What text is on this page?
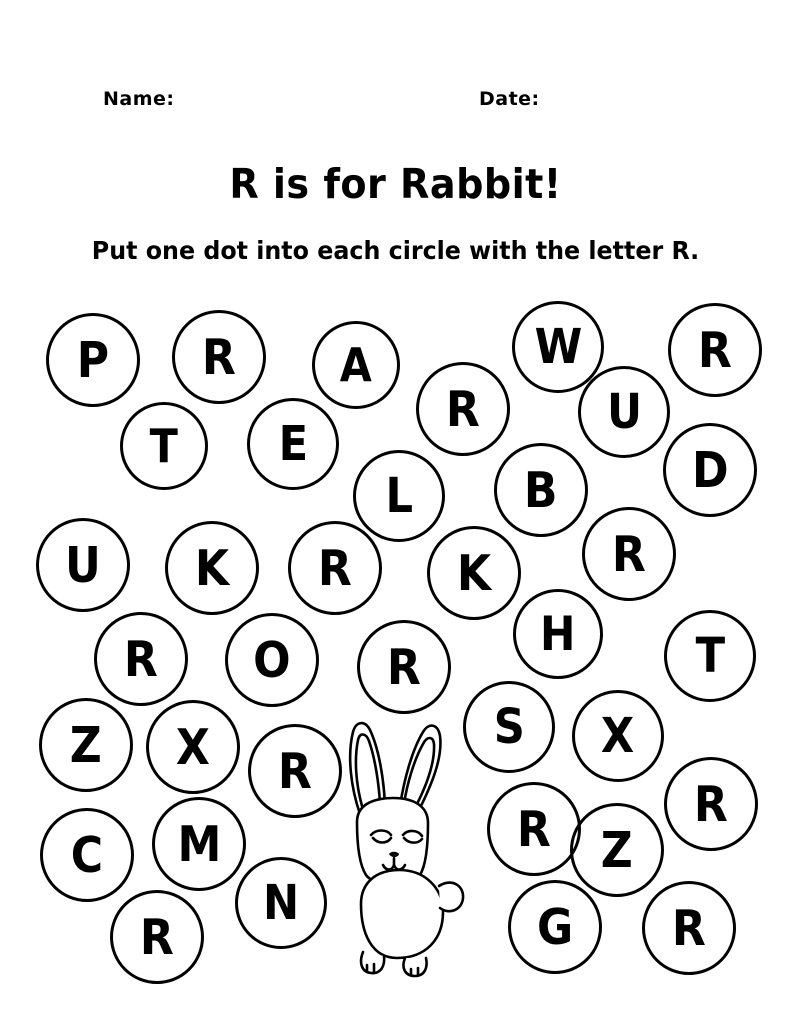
Name:	Date:
R is for Rabbit!
Put one dot into each circle with the letter R.
P R A	W R
T E
R	U
D
L B
U K R K R
H
R O R	T
Z X	S X
R
R
C M	R Z
N
R	G R
